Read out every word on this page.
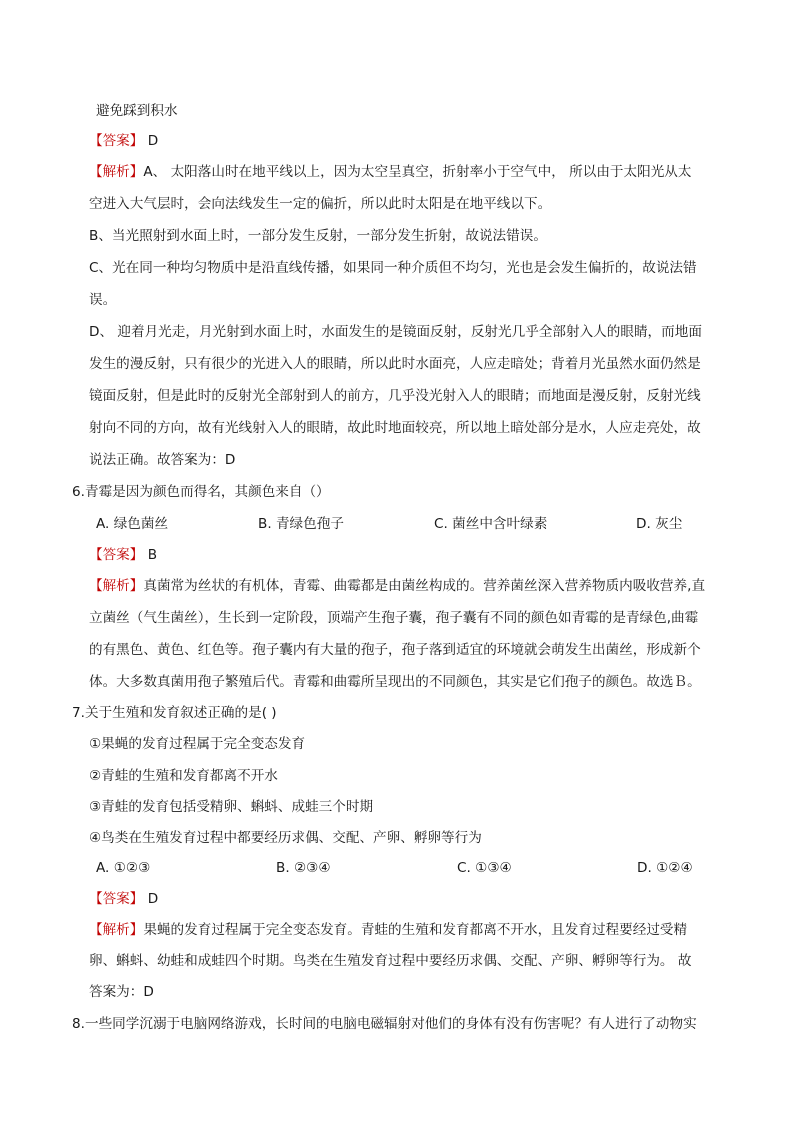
避免踩到积水
【答案】 D
【解析】A、 太阳落山时在地平线以上，因为太空呈真空，折射率小于空气中， 所以由于太阳光从太
空进入大气层时，会向法线发生一定的偏折，所以此时太阳是在地平线以下。
B、当光照射到水面上时，一部分发生反射，一部分发生折射，故说法错误。
C、光在同一种均匀物质中是沿直线传播，如果同一种介质但不均匀，光也是会发生偏折的，故说法错
误。
D、 迎着月光走，月光射到水面上时，水面发生的是镜面反射，反射光几乎全部射入人的眼睛，而地面
发生的漫反射，只有很少的光进入人的眼睛，所以此时水面亮，人应走暗处；背着月光虽然水面仍然是
镜面反射，但是此时的反射光全部射到人的前方，几乎没光射入人的眼睛；而地面是漫反射，反射光线
射向不同的方向，故有光线射入人的眼睛，故此时地面较亮，所以地上暗处部分是水，人应走亮处，故
说法正确。故答案为：D
6.青霉是因为颜色而得名，其颜色来自（）
A. 绿色菌丝	B. 青绿色孢子	C. 菌丝中含叶绿素	D. 灰尘
【答案】 B
【解析】真菌常为丝状的有机体，青霉、曲霉都是由菌丝构成的。营养菌丝深入营养物质内吸收营养,直
立菌丝（气生菌丝），生长到一定阶段，顶端产生孢子囊，孢子囊有不同的颜色如青霉的是青绿色,曲霉
的有黑色、黄色、红色等。孢子囊内有大量的孢子，孢子落到适宜的环境就会萌发生出菌丝，形成新个
体。大多数真菌用孢子繁殖后代。青霉和曲霉所呈现出的不同颜色，其实是它们孢子的颜色。故选Ｂ。
7.关于生殖和发育叙述正确的是( )
①果蝇的发育过程属于完全变态发育
②青蛙的生殖和发育都离不开水
③青蛙的发育包括受精卵、蝌蚪、成蛙三个时期
④鸟类在生殖发育过程中都要经历求偶、交配、产卵、孵卵等行为
A. ①②③	B. ②③④	C. ①③④	D. ①②④
【答案】 D
【解析】果蝇的发育过程属于完全变态发育。青蛙的生殖和发育都离不开水，且发育过程要经过受精
卵、蝌蚪、幼蛙和成蛙四个时期。鸟类在生殖发育过程中要经历求偶、交配、产卵、孵卵等行为。 故
答案为：D
8.一些同学沉溺于电脑网络游戏，长时间的电脑电磁辐射对他们的身体有没有伤害呢？有人进行了动物实
